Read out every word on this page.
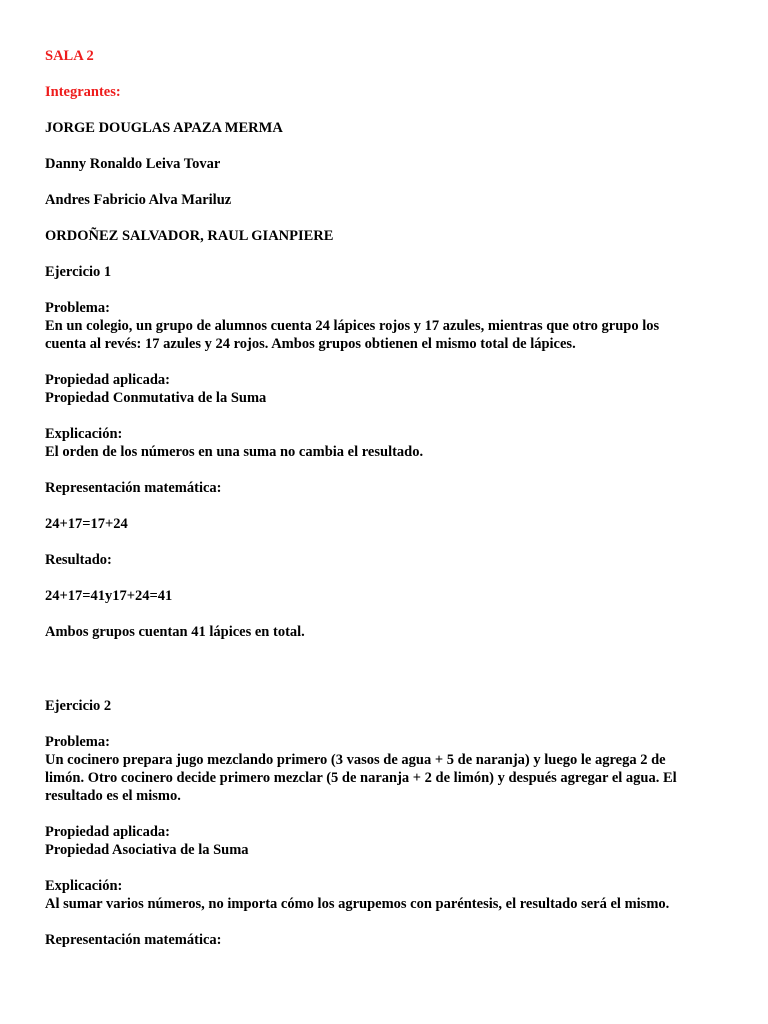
SALA 2
Integrantes:
JORGE DOUGLAS APAZA MERMA
Danny Ronaldo Leiva Tovar
Andres Fabricio Alva Mariluz
ORDOÑEZ SALVADOR, RAUL GIANPIERE
Ejercicio 1
Problema:
En un colegio, un grupo de alumnos cuenta 24 lápices rojos y 17 azules, mientras que otro grupo los
cuenta al revés: 17 azules y 24 rojos. Ambos grupos obtienen el mismo total de lápices.
Propiedad aplicada:
Propiedad Conmutativa de la Suma
Explicación:
El orden de los números en una suma no cambia el resultado.
Representación matemática:
24+17=17+24
Resultado:
24+17=41y17+24=41
Ambos grupos cuentan 41 lápices en total.
Ejercicio 2
Problema:
Un cocinero prepara jugo mezclando primero (3 vasos de agua + 5 de naranja) y luego le agrega 2 de
limón. Otro cocinero decide primero mezclar (5 de naranja + 2 de limón) y después agregar el agua. El
resultado es el mismo.
Propiedad aplicada:
Propiedad Asociativa de la Suma
Explicación:
Al sumar varios números, no importa cómo los agrupemos con paréntesis, el resultado será el mismo.
Representación matemática:
